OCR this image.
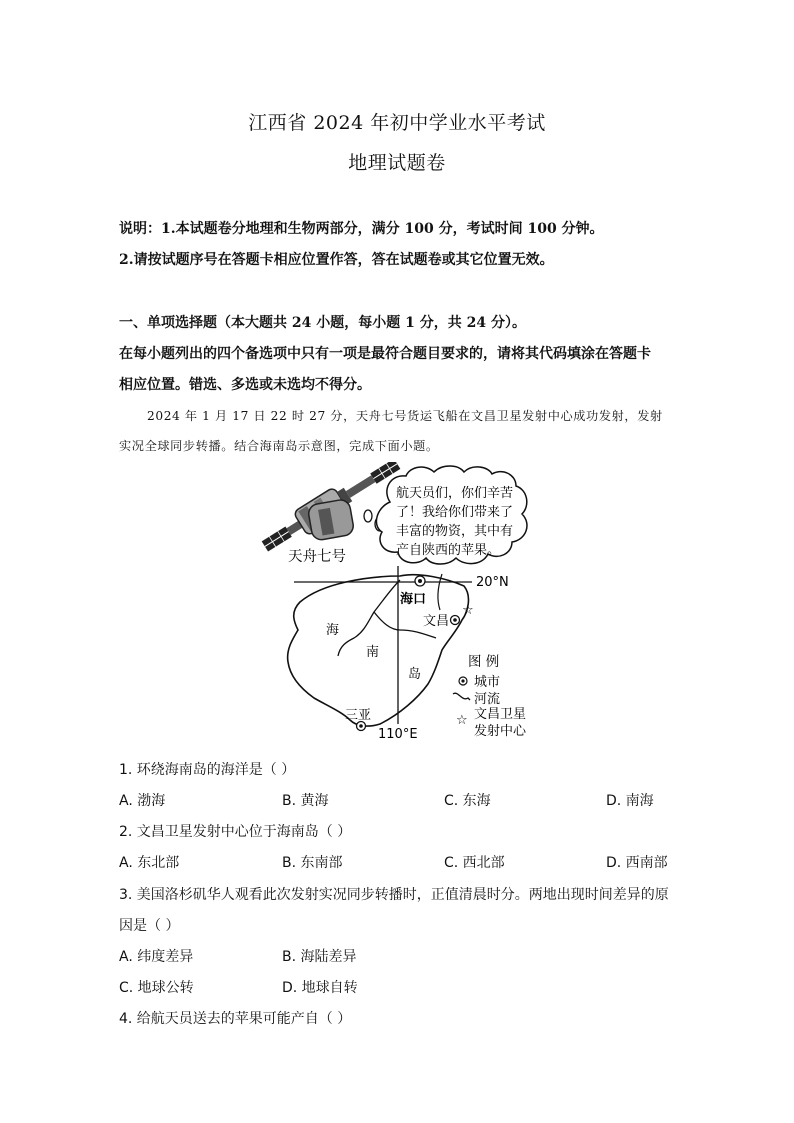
江西省 2024 年初中学业水平考试
地理试题卷
说明：1.本试题卷分地理和生物两部分，满分 100 分，考试时间 100 分钟。
2.请按试题序号在答题卡相应位置作答，答在试题卷或其它位置无效。
一、单项选择题（本大题共 24 小题，每小题 1 分，共 24 分）。
在每小题列出的四个备选项中只有一项是最符合题目要求的，请将其代码填涂在答题卡
相应位置。错选、多选或未选均不得分。
2024 年 1 月 17 日 22 时 27 分，天舟七号货运飞船在文昌卫星发射中心成功发射，发射
实况全球同步转播。结合海南岛示意图，完成下面小题。
天舟七号
航天员们，你们辛苦
了！我给你们带来了
丰富的物资，其中有
产自陕西的苹果。
20°N
110°E
海
南
岛
海口
文昌
☆
三亚
图 例
城市
河流
☆ 文昌卫星
发射中心
1. 环绕海南岛的海洋是（ ）
A. 渤海	B. 黄海	C. 东海	D. 南海
2. 文昌卫星发射中心位于海南岛（ ）
A. 东北部	B. 东南部	C. 西北部	D. 西南部
3. 美国洛杉矶华人观看此次发射实况同步转播时，正值清晨时分。两地出现时间差异的原
因是（ ）
A. 纬度差异	B. 海陆差异
C. 地球公转	D. 地球自转
4. 给航天员送去的苹果可能产自（ ）
